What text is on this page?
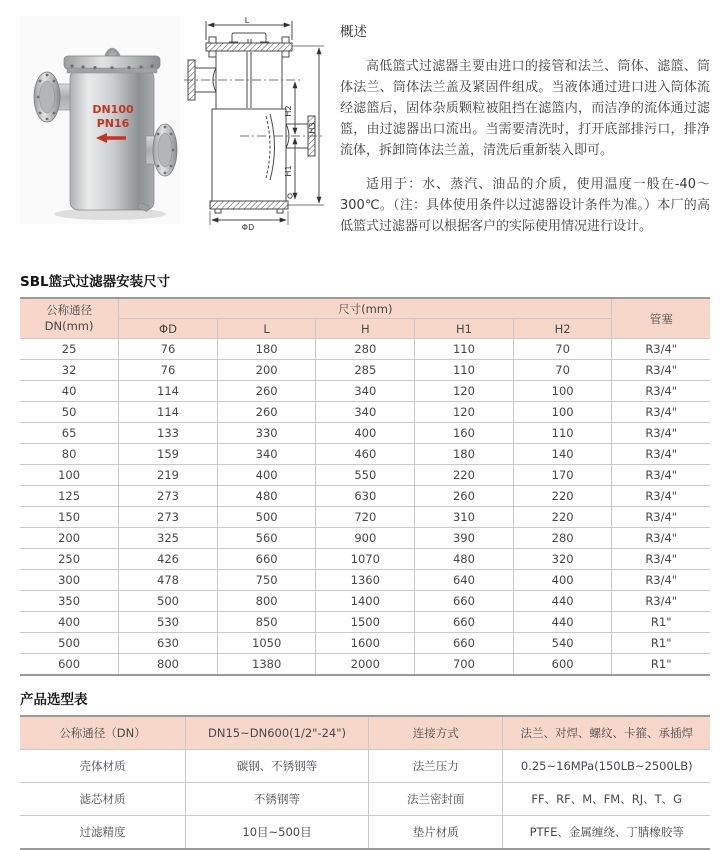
DN100
PN16
L
H2
H1
H3
ΦD
概述

高低篮式过滤器主要由进口的接管和法兰、筒体、滤篮、筒体法兰、筒体法兰盖及紧固件组成。当液体通过进口进入筒体流经滤篮后，固体杂质颗粒被阻挡在滤篮内，而洁净的流体通过滤篮，由过滤器出口流出。当需要清洗时，打开底部排污口，排净流体，拆卸筒体法兰盖，清洗后重新装入即可。

适用于：水、蒸汽、油品的介质，使用温度一般在-40～300℃。（注：具体使用条件以过滤器设计条件为准。）本厂的高低篮式过滤器可以根据客户的实际使用情况进行设计。

SBL篮式过滤器安装尺寸
公称通径
DN(mm)	尺寸(mm)					管塞
	ΦD	L	H	H1	H2	
25	76	180	280	110	70	R3/4"
32	76	200	285	110	70	R3/4"
40	114	260	340	120	100	R3/4"
50	114	260	340	120	100	R3/4"
65	133	330	400	160	110	R3/4"
80	159	340	460	180	140	R3/4"
100	219	400	550	220	170	R3/4"
125	273	480	630	260	220	R3/4"
150	273	500	720	310	220	R3/4"
200	325	560	900	390	280	R3/4"
250	426	660	1070	480	320	R3/4"
300	478	750	1360	640	400	R3/4"
350	500	800	1400	660	440	R3/4"
400	530	850	1500	660	440	R1"
500	630	1050	1600	660	540	R1"
600	800	1380	2000	700	600	R1"
产品选型表
公称通径（DN）	DN15~DN600(1/2"-24")	连接方式	法兰、对焊、螺纹、卡箍、承插焊
壳体材质	碳钢、不锈钢等	法兰压力	0.25~16MPa(150LB~2500LB)
滤芯材质	不锈钢等	法兰密封面	FF、RF、M、FM、RJ、T、G
过滤精度	10目~500目	垫片材质	PTFE、金属缠绕、丁腈橡胶等
